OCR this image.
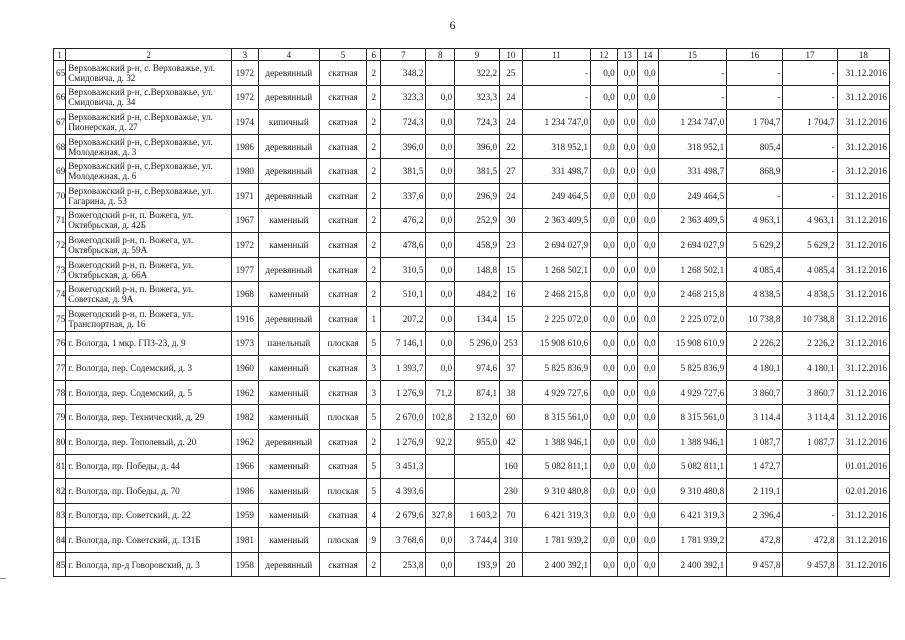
6
1	2	3	4	5	6	7	8	9	10	11	12	13	14	15	16	17	18
65	Верховажский р-н, с. Верховажье, ул. Смидовича, д. 32	1972	деревянный	скатная	2	348,2		322,2	25	-	0,0	0,0	0,0	-	-	-	31.12.2016
66	Верховажский р-н, с.Верховажье, ул. Смидовича, д. 34	1972	деревянный	скатная	2	323,3	0,0	323,3	24	-	0,0	0,0	0,0	-	-	-	31.12.2016
67	Верховажский р-н, с.Верховажье, ул. Пионерская, д. 27	1974	кипичный	скатная	2	724,3	0,0	724,3	24	1 234 747,0	0,0	0,0	0,0	1 234 747,0	1 704,7	1 704,7	31.12.2016
68	Верховажский р-н, с.Верховажье, ул. Молодежная, д. 3	1986	деревянный	скатная	2	396,0	0,0	396,0	22	318 952,1	0,0	0,0	0,0	318 952,1	805,4	-	31.12.2016
69	Верховажский р-н, с.Верховажье, ул. Молодежная, д. 6	1980	деревянный	скатная	2	381,5	0,0	381,5	27	331 498,7	0,0	0,0	0,0	331 498,7	868,9	-	31.12.2016
70	Верховажский р-н, с.Верховажье, ул. Гагарина, д. 53	1971	деревянный	скатная	2	337,6	0,0	296,9	24	249 464,5	0,0	0,0	0,0	249 464,5	-	-	31.12.2016
71	Вожегодский р-н, п. Вожега, ул. Октябрьская, д. 42Б	1967	каменный	скатная	2	476,2	0,0	252,9	30	2 363 409,5	0,0	0,0	0,0	2 363 409,5	4 963,1	4 963,1	31.12.2016
72	Вожегодский р-н, п. Вожега, ул. Октябрьская, д. 59А	1972	каменный	скатная	2	478,6	0,0	458,9	23	2 694 027,9	0,0	0,0	0,0	2 694 027,9	5 629,2	5 629,2	31.12.2016
73	Вожегодский р-н, п. Вожега, ул. Октябрьская, д. 66А	1977	деревянный	скатная	2	310,5	0,0	148,8	15	1 268 502,1	0,0	0,0	0,0	1 268 502,1	4 085,4	4 085,4	31.12.2016
74	Вожегодский р-н, п. Вожега, ул. Советская, д. 9А	1968	каменный	скатная	2	510,1	0,0	484,2	16	2 468 215,8	0,0	0,0	0,0	2 468 215,8	4 838,5	4 838,5	31.12.2016
75	Вожегодский р-н, п. Вожега, ул. Транспортная, д. 16	1916	деревянный	скатная	1	207,2	0,0	134,4	15	2 225 072,0	0,0	0,0	0,0	2 225 072,0	10 738,8	10 738,8	31.12.2016
76	г. Вологда, 1 мкр. ГПЗ-23, д. 9	1973	панельный	плоская	5	7 146,1	0,0	5 296,0	253	15 908 610,6	0,0	0,0	0,0	15 908 610,9	2 226,2	2 226,2	31.12.2016
77	г. Вологда, пер. Содемский, д. 3	1960	каменный	скатная	3	1 393,7	0,0	974,6	37	5 825 836,9	0,0	0,0	0,0	5 825 836,9	4 180,1	4 180,1	31.12.2016
78	г. Вологда, пер. Содемский, д. 5	1962	каменный	скатная	3	1 276,9	71,2	874,1	38	4 929 727,6	0,0	0,0	0,0	4 929 727,6	3 860,7	3 860,7	31.12.2016
79	г. Вологда, пер. Технический, д. 29	1982	каменный	плоская	5	2 670,0	102,8	2 132,0	60	8 315 561,0	0,0	0,0	0,0	8 315 561,0	3 114,4	3 114,4	31.12.2016
80	г. Вологда, пер. Тополевый, д. 20	1962	деревянный	скатная	2	1 276,9	92,2	955,0	42	1 388 946,1	0,0	0,0	0,0	1 388 946,1	1 087,7	1 087,7	31.12.2016
81	г. Вологда, пр. Победы, д. 44	1966	каменный	скатная	5	3 451,3			160	5 082 811,1	0,0	0,0	0,0	5 082 811,1	1 472,7		01.01.2016
82	г. Вологда, пр. Победы, д. 70	1986	каменный	плоская	5	4 393,6			230	9 310 480,8	0,0	0,0	0,0	9 310 480,8	2 119,1		02.01.2016
83	г. Вологда, пр. Советский, д. 22	1959	каменный	скатная	4	2 679,6	327,8	1 603,2	70	6 421 319,3	0,0	0,0	0,0	6 421 319,3	2 396,4	-	31.12.2016
84	г. Вологда, пр. Советский, д. 131Б	1981	каменный	плоская	9	3 768,6	0,0	3 744,4	310	1 781 939,2	0,0	0,0	0,0	1 781 939,2	472,8	472,8	31.12.2016
85	г. Вологда, пр-д Говоровский, д. 3	1958	деревянный	скатная	2	253,8	0,0	193,9	20	2 400 392,1	0,0	0,0	0,0	2 400 392,1	9 457,8	9 457,8	31.12.2016
